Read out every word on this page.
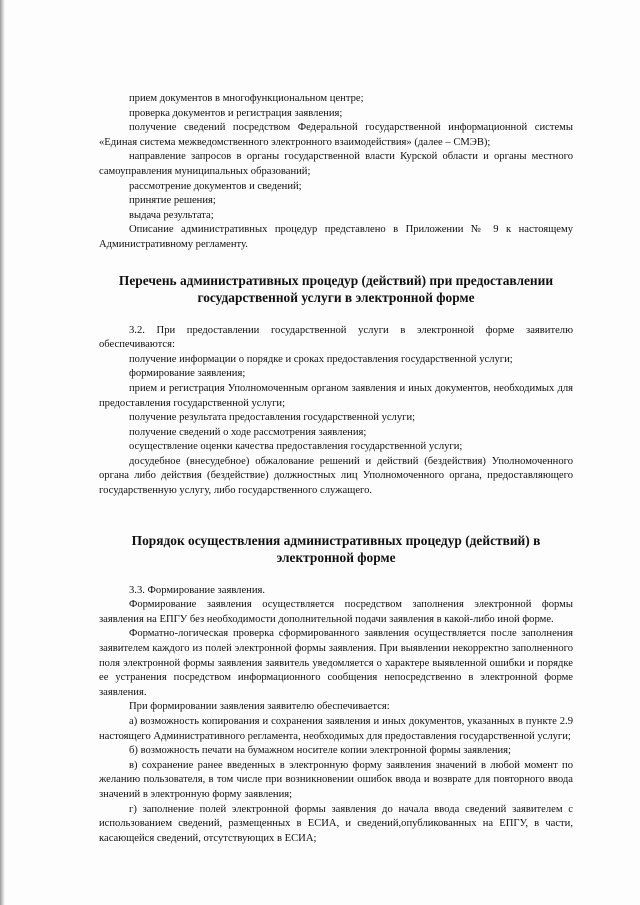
прием документов в многофункциональном центре;

проверка документов и регистрация заявления;

получение сведений посредством Федеральной государственной информационной системы «Единая система межведомственного электронного взаимодействия» (далее – СМЭВ);

направление запросов в органы государственной власти Курской области и органы местного самоуправления муниципальных образований;

рассмотрение документов и сведений;

принятие решения;

выдача результата;

Описание административных процедур представлено в Приложении № 9 к настоящему Административному регламенту.

Перечень административных процедур (действий) при предоставлении государственной услуги в электронной форме

3.2. При предоставлении государственной услуги в электронной форме заявителю обеспечиваются:

получение информации о порядке и сроках предоставления государственной услуги;

формирование заявления;

прием и регистрация Уполномоченным органом заявления и иных документов, необходимых для предоставления государственной услуги;

получение результата предоставления государственной услуги;

получение сведений о ходе рассмотрения заявления;

осуществление оценки качества предоставления государственной услуги;

досудебное (внесудебное) обжалование решений и действий (бездействия) Уполномоченного органа либо действия (бездействие) должностных лиц Уполномоченного органа, предоставляющего государственную услугу, либо государственного служащего.

Порядок осуществления административных процедур (действий) в электронной форме

3.3. Формирование заявления.

Формирование заявления осуществляется посредством заполнения электронной формы заявления на ЕПГУ без необходимости дополнительной подачи заявления в какой-либо иной форме.

Форматно-логическая проверка сформированного заявления осуществляется после заполнения заявителем каждого из полей электронной формы заявления. При выявлении некорректно заполненного поля электронной формы заявления заявитель уведомляется о характере выявленной ошибки и порядке ее устранения посредством информационного сообщения непосредственно в электронной форме заявления.

При формировании заявления заявителю обеспечивается:

а) возможность копирования и сохранения заявления и иных документов, указанных в пункте 2.9 настоящего Административного регламента, необходимых для предоставления государственной услуги;

б) возможность печати на бумажном носителе копии электронной формы заявления;

в) сохранение ранее введенных в электронную форму заявления значений в любой момент по желанию пользователя, в том числе при возникновении ошибок ввода и возврате для повторного ввода значений в электронную форму заявления;

г) заполнение полей электронной формы заявления до начала ввода сведений заявителем с использованием сведений, размещенных в ЕСИА, и сведений,опубликованных на ЕПГУ, в части, касающейся сведений, отсутствующих в ЕСИА;
